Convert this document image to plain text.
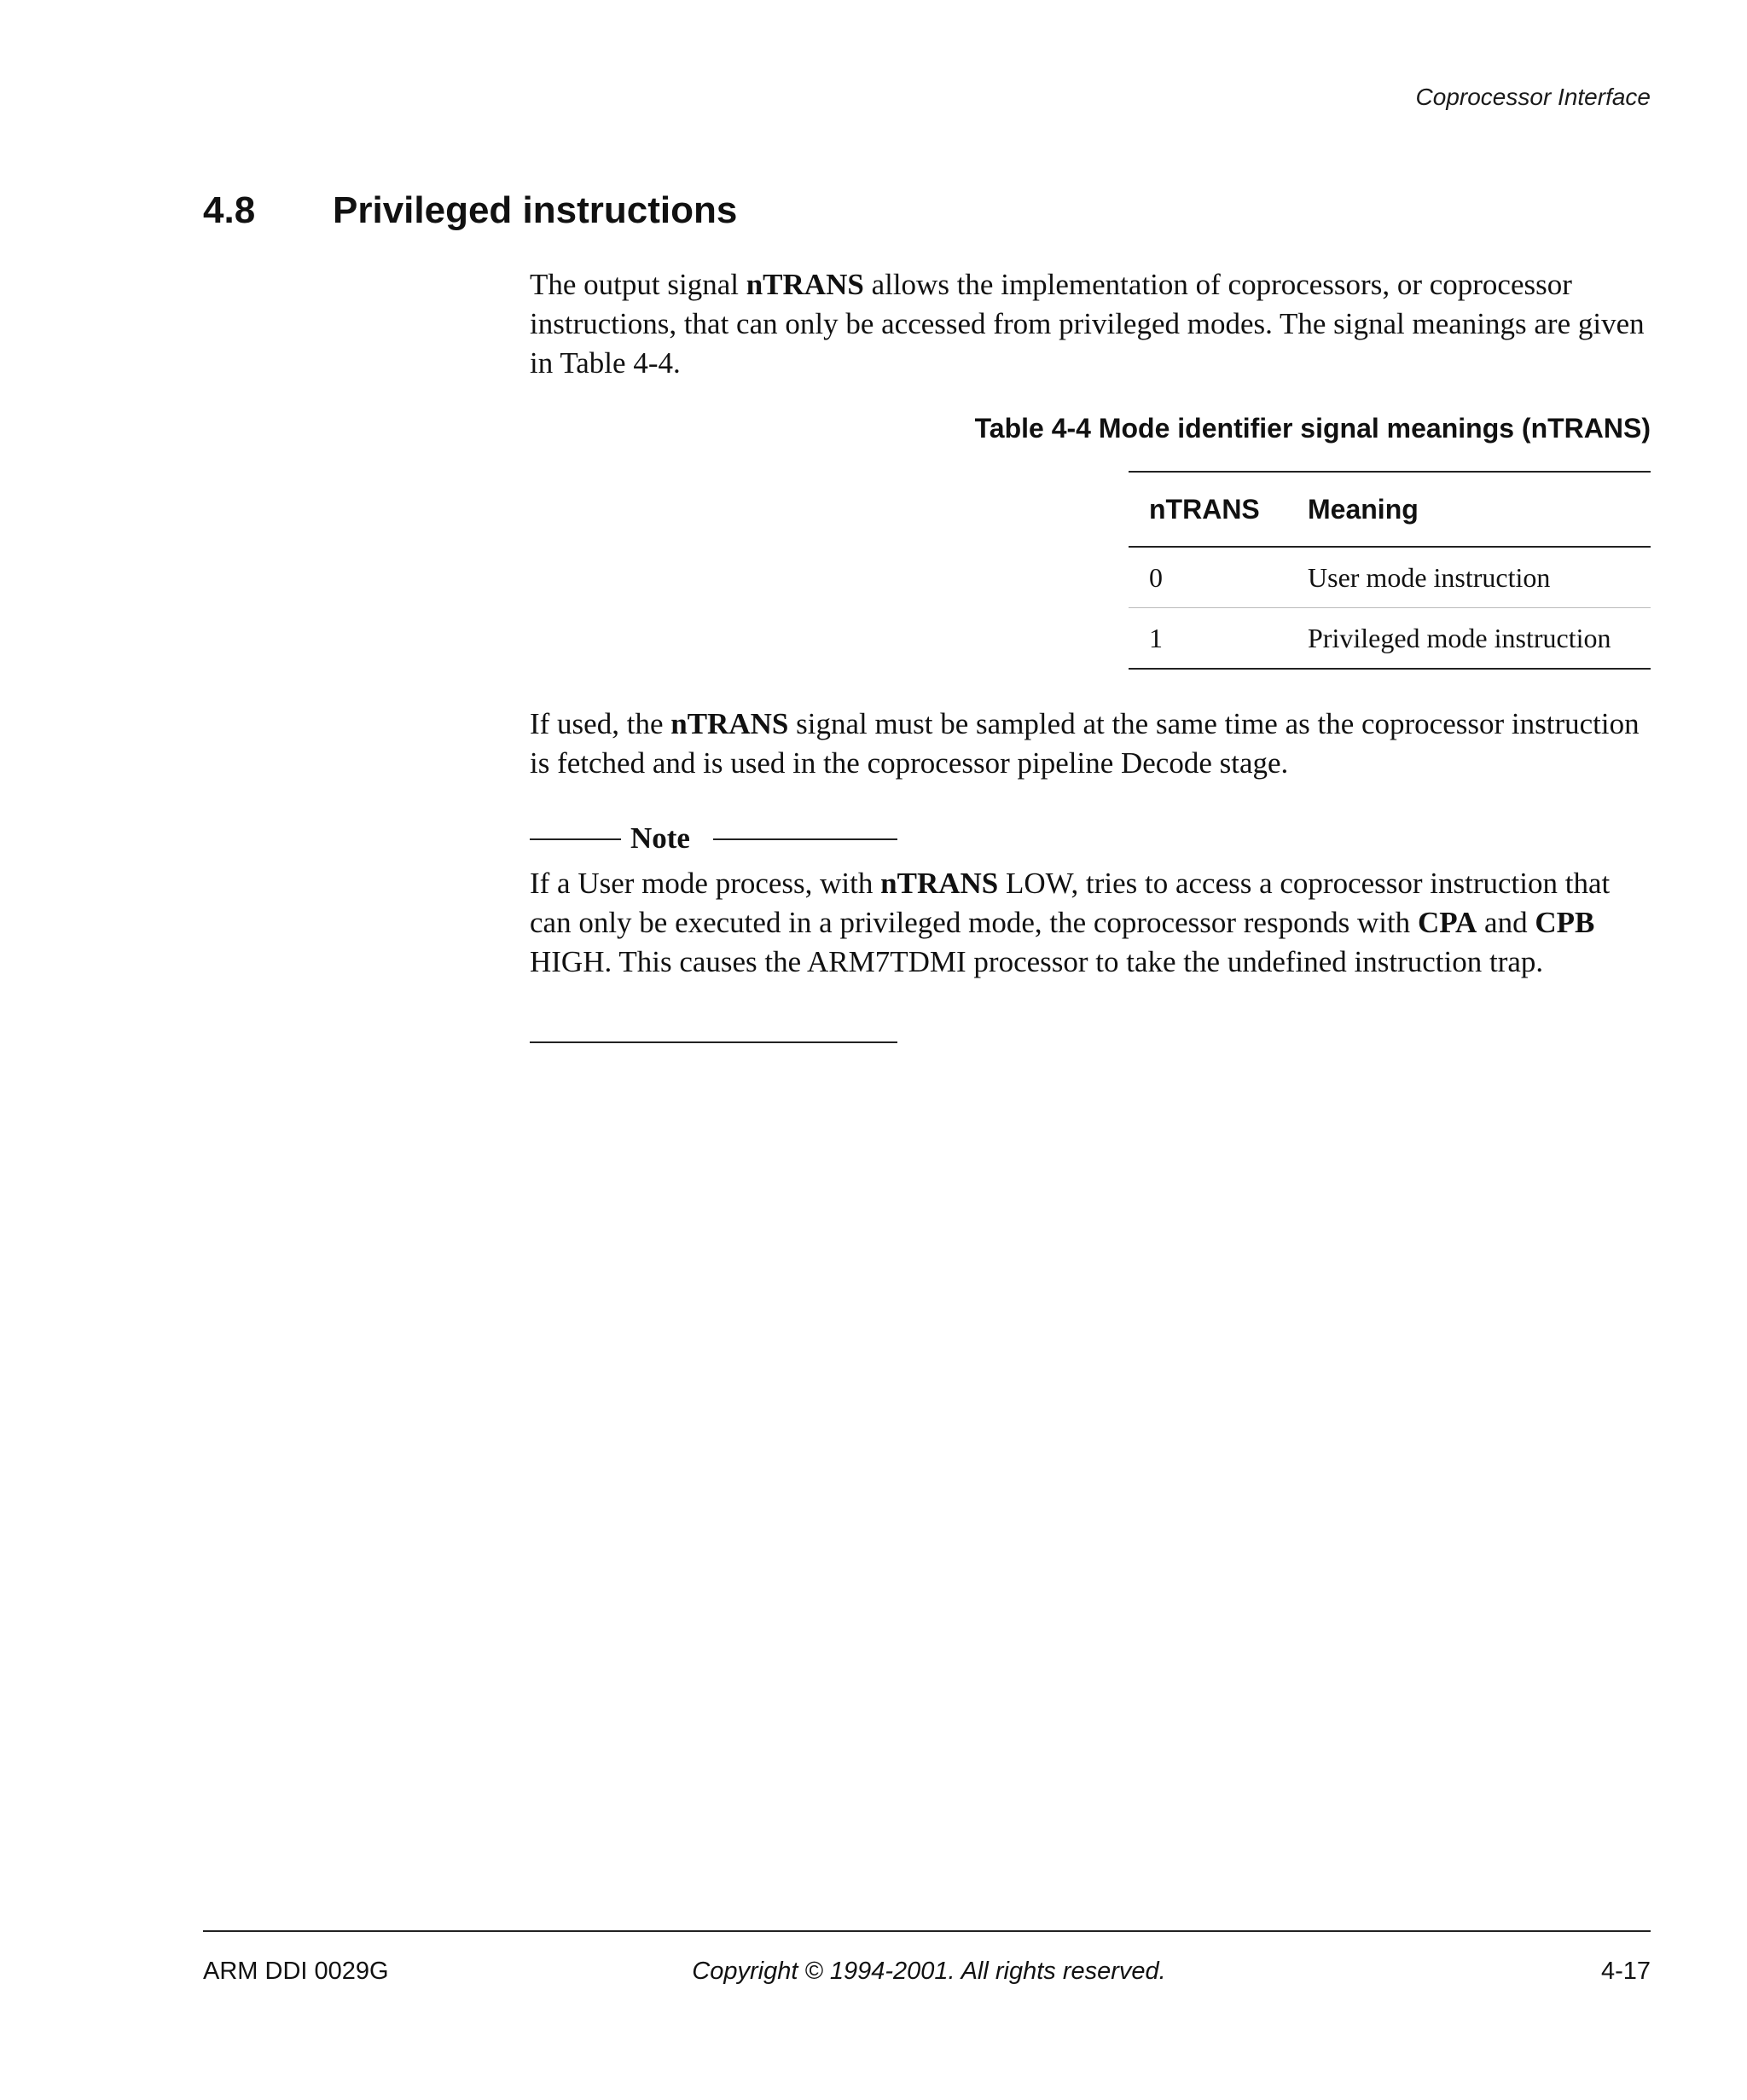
Coprocessor Interface
4.8 Privileged instructions
The output signal nTRANS allows the implementation of coprocessors, or coprocessor instructions, that can only be accessed from privileged modes. The signal meanings are given in Table 4-4.
Table 4-4 Mode identifier signal meanings (nTRANS)
nTRANS	Meaning
0	User mode instruction
1	Privileged mode instruction
If used, the nTRANS signal must be sampled at the same time as the coprocessor instruction is fetched and is used in the coprocessor pipeline Decode stage.
Note
If a User mode process, with nTRANS LOW, tries to access a coprocessor instruction that can only be executed in a privileged mode, the coprocessor responds with CPA and CPB HIGH. This causes the ARM7TDMI processor to take the undefined instruction trap.
ARM DDI 0029G	Copyright © 1994-2001. All rights reserved.	4-17
